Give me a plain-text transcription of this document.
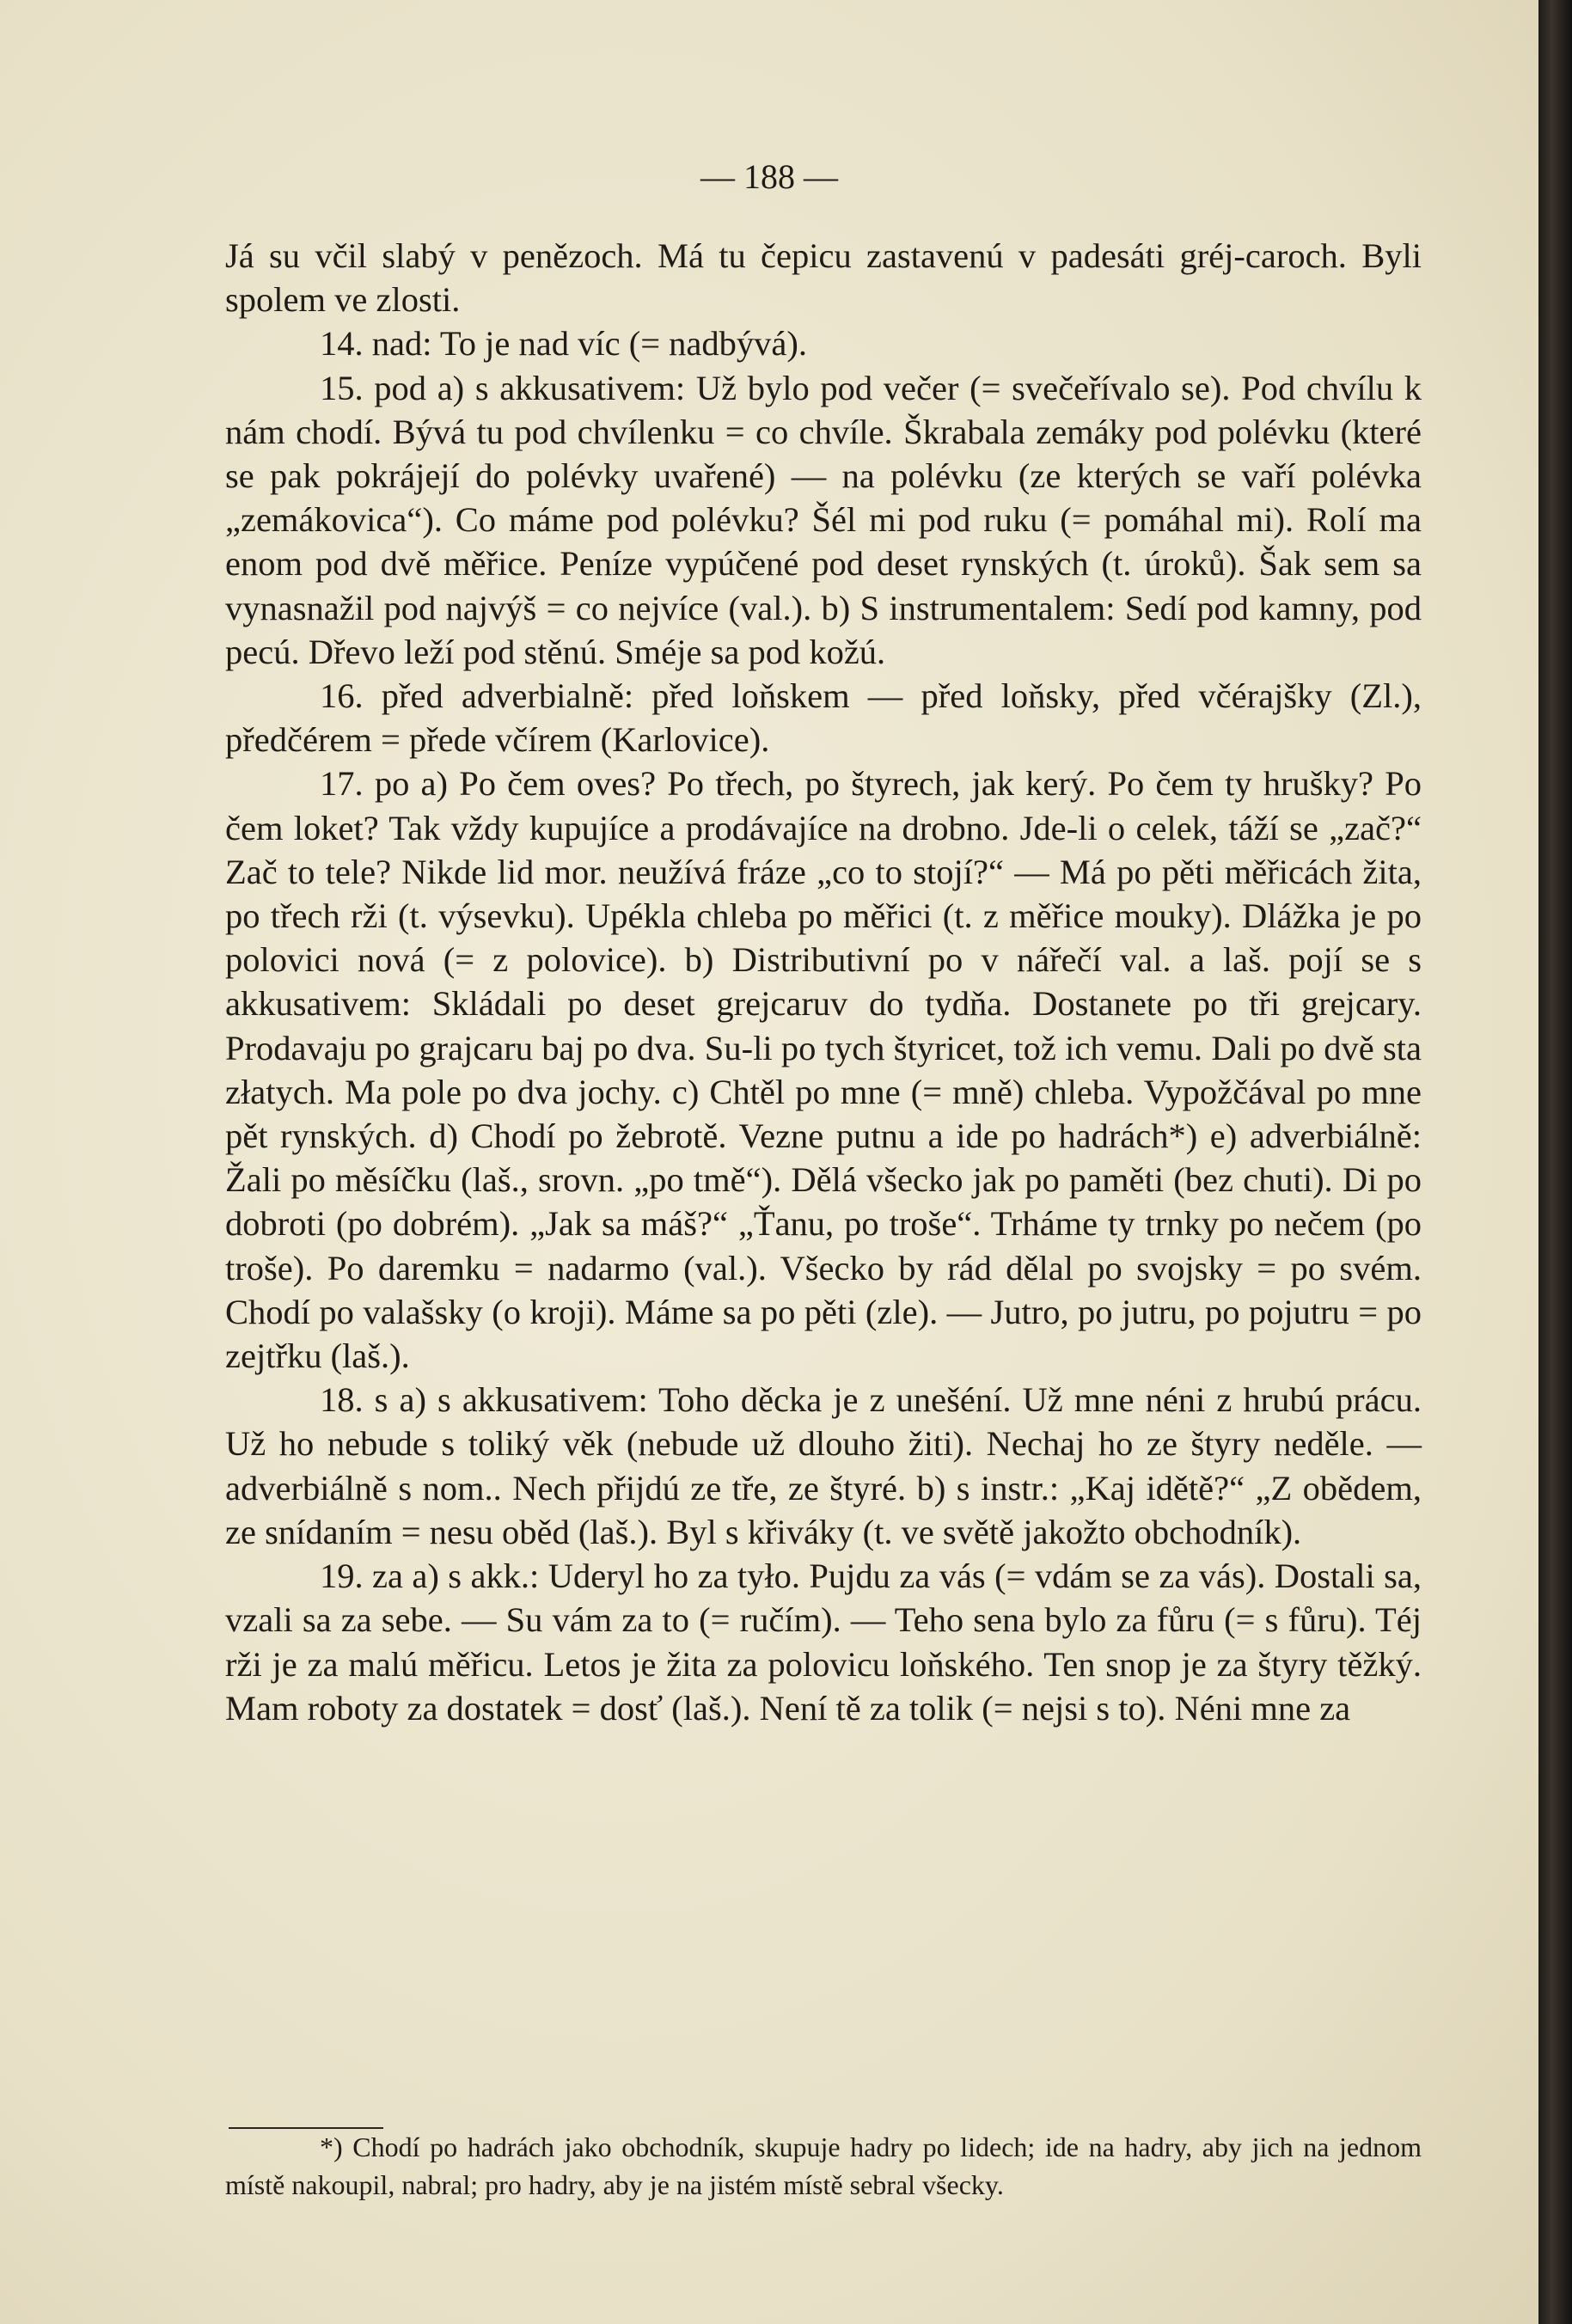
— 188 —

Já su včil slabý v penězoch. Má tu čepicu zastavenú v padesáti gréj-caroch. Byli spolem ve zlosti.

14. nad: To je nad víc (= nadbývá).

15. pod a) s akkusativem: Už bylo pod večer (= svečeřívalo se). Pod chvílu k nám chodí. Bývá tu pod chvílenku = co chvíle. Škrabala zemáky pod polévku (které se pak pokrájejí do polévky uvařené) — na polévku (ze kterých se vaří polévka „zemákovica“). Co máme pod polévku? Šél mi pod ruku (= pomáhal mi). Rolí ma enom pod dvě měřice. Peníze vypúčené pod deset rynských (t. úroků). Šak sem sa vynasnažil pod najvýš = co nejvíce (val.). b) S instrumentalem: Sedí pod kamny, pod pecú. Dřevo leží pod stěnú. Sméje sa pod kožú.

16. před adverbialně: před loňskem — před loňsky, před včérajšky (Zl.), předčérem = přede včírem (Karlovice).

17. po a) Po čem oves? Po třech, po štyrech, jak kerý. Po čem ty hrušky? Po čem loket? Tak vždy kupujíce a prodávajíce na drobno. Jde-li o celek, táží se „zač?“ Zač to tele? Nikde lid mor. neužívá fráze „co to stojí?“ — Má po pěti měřicách žita, po třech rži (t. výsevku). Upékla chleba po měřici (t. z měřice mouky). Dlážka je po polovici nová (= z polovice). b) Distributivní po v nářečí val. a laš. pojí se s akkusativem: Skládali po deset grejcaruv do tydňa. Dostanete po tři grejcary. Prodavaju po grajcaru baj po dva. Su-li po tych štyricet, tož ich vemu. Dali po dvě sta złatych. Ma pole po dva jochy. c) Chtěl po mne (= mně) chleba. Vypožčával po mne pět rynských. d) Chodí po žebrotě. Vezne putnu a ide po hadrách*) e) adverbiálně: Žali po měsíčku (laš., srovn. „po tmě“). Dělá všecko jak po paměti (bez chuti). Di po dobroti (po dobrém). „Jak sa máš?“ „Ťanu, po troše“. Trháme ty trnky po nečem (po troše). Po daremku = nadarmo (val.). Všecko by rád dělal po svojsky = po svém. Chodí po valašsky (o kroji). Máme sa po pěti (zle). — Jutro, po jutru, po pojutru = po zejtřku (laš.).

18. s a) s akkusativem: Toho děcka je z unešéní. Už mne néni z hrubú prácu. Už ho nebude s toliký věk (nebude už dlouho žiti). Nechaj ho ze štyry neděle. — adverbiálně s nom.. Nech přijdú ze tře, ze štyré. b) s instr.: „Kaj idětě?“ „Z obědem, ze snídaním = nesu oběd (laš.). Byl s křiváky (t. ve světě jakožto obchodník).

19. za a) s akk.: Uderyl ho za tyło. Pujdu za vás (= vdám se za vás). Dostali sa, vzali sa za sebe. — Su vám za to (= ručím). — Teho sena bylo za fůru (= s fůru). Téj rži je za malú měřicu. Letos je žita za polovicu loňského. Ten snop je za štyry těžký. Mam roboty za dostatek = dosť (laš.). Není tě za tolik (= nejsi s to). Néni mne za

*) Chodí po hadrách jako obchodník, skupuje hadry po lidech; ide na hadry, aby jich na jednom místě nakoupil, nabral; pro hadry, aby je na jistém místě sebral všecky.
